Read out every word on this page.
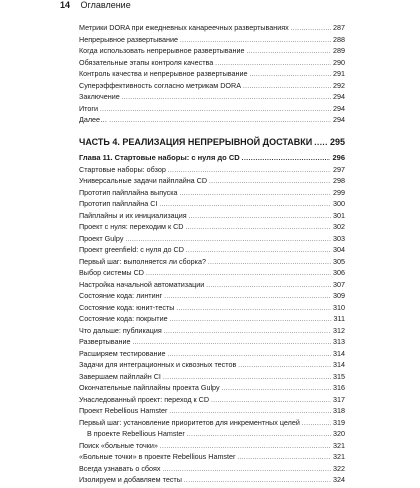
14 Оглавление
Метрики DORA при ежедневных канареечных развертываниях .....	287
Непрерывное развертывание .....	288
Когда использовать непрерывное развертывание .....	289
Обязательные этапы контроля качества .....	290
Контроль качества и непрерывное развертывание .....	291
Суперэффективность согласно метрикам DORA .....	292
Заключение .....	294
Итоги .....	294
Далее… .....	294
ЧАСТЬ 4. РЕАЛИЗАЦИЯ НЕПРЕРЫВНОЙ ДОСТАВКИ ..... 295
Глава 11. Стартовые наборы: с нуля до CD .....	296
Стартовые наборы: обзор .....	297
Универсальные задачи пайплайна CD .....	298
Прототип пайплайна выпуска .....	299
Прототип пайплайна CI .....	300
Пайплайны и их инициализация .....	301
Проект с нуля: переходим к CD .....	302
Проект Gulpy .....	303
Проект greenfield: с нуля до CD .....	304
Первый шаг: выполняется ли сборка? .....	305
Выбор системы CD .....	306
Настройка начальной автоматизации .....	307
Состояние кода: линтинг .....	309
Состояние кода: юнит-тесты .....	310
Состояние кода: покрытие .....	311
Что дальше: публикация .....	312
Развертывание .....	313
Расширяем тестирование .....	314
Задачи для интеграционных и сквозных тестов .....	314
Завершаем пайплайн CI .....	315
Окончательные пайплайны проекта Gulpy .....	316
Унаследованный проект: переход к CD .....	317
Проект Rebellious Hamster .....	318
Первый шаг: установление приоритетов для инкрементных целей .....	319
В проекте Rebellious Hamster .....	320
Поиск «больные точки» .....	321
«Больные точки» в проекте Rebellious Hamster .....	321
Всегда узнавать о сбоях .....	322
Изолируем и добавляем тесты .....	324
